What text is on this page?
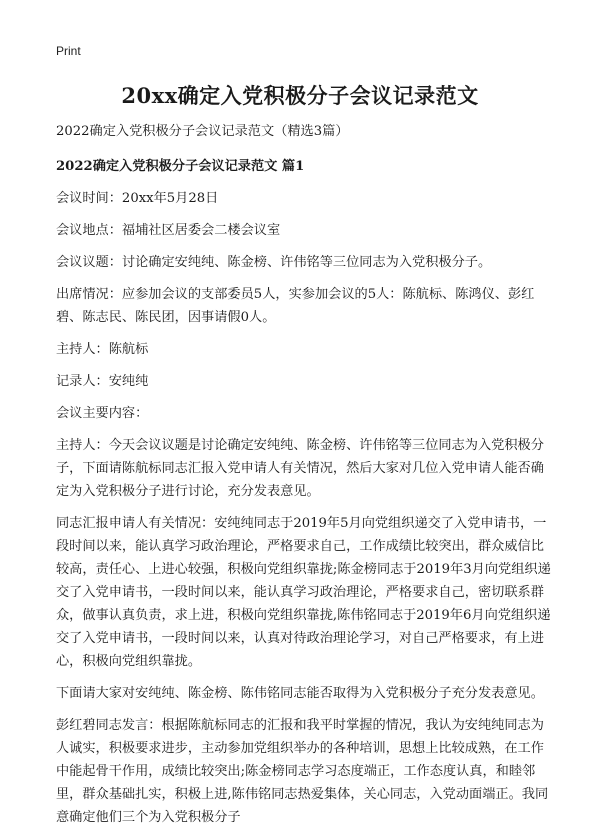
Print
20xx确定入党积极分子会议记录范文

2022确定入党积极分子会议记录范文（精选3篇）

2022确定入党积极分子会议记录范文 篇1

会议时间：20xx年5月28日

会议地点：福埔社区居委会二楼会议室

会议议题：讨论确定安纯纯、陈金榜、许伟铭等三位同志为入党积极分子。

出席情况：应参加会议的支部委员5人，实参加会议的5人：陈航标、陈鸿仪、彭红碧、陈志民、陈民团，因事请假0人。

主持人：陈航标

记录人：安纯纯

会议主要内容：

主持人：今天会议议题是讨论确定安纯纯、陈金榜、许伟铭等三位同志为入党积极分子，下面请陈航标同志汇报入党申请人有关情况，然后大家对几位入党申请人能否确定为入党积极分子进行讨论，充分发表意见。

同志汇报申请人有关情况：安纯纯同志于2019年5月向党组织递交了入党申请书，一段时间以来，能认真学习政治理论，严格要求自己，工作成绩比较突出，群众威信比较高，责任心、上进心较强，积极向党组织靠拢;陈金榜同志于2019年3月向党组织递交了入党申请书，一段时间以来，能认真学习政治理论，严格要求自己，密切联系群众，做事认真负责，求上进，积极向党组织靠拢,陈伟铭同志于2019年6月向党组织递交了入党申请书，一段时间以来，认真对待政治理论学习，对自己严格要求，有上进心，积极向党组织靠拢。

下面请大家对安纯纯、陈金榜、陈伟铭同志能否取得为入党积极分子充分发表意见。

彭红碧同志发言：根据陈航标同志的汇报和我平时掌握的情况，我认为安纯纯同志为人诚实，积极要求进步，主动参加党组织举办的各种培训，思想上比较成熟，在工作中能起骨干作用，成绩比较突出;陈金榜同志学习态度端正，工作态度认真，和睦邻里，群众基础扎实，积极上进,陈伟铭同志热爱集体，关心同志，入党动面端正。我同意确定他们三个为入党积极分子
